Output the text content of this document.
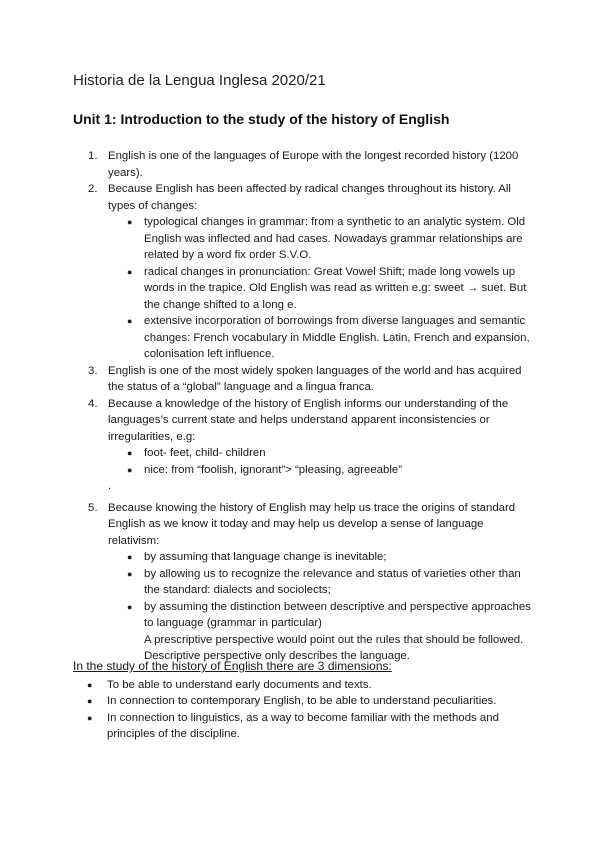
Historia de la Lengua Inglesa 2020/21
Unit 1: Introduction to the study of the history of English
1. English is one of the languages of Europe with the longest recorded history (1200 years).
2. Because English has been affected by radical changes throughout its history. All types of changes:
● typological changes in grammar: from a synthetic to an analytic system. Old English was inflected and had cases. Nowadays grammar relationships are related by a word fix order S.V.O.
● radical changes in pronunciation: Great Vowel Shift; made long vowels up words in the trapice. Old English was read as written e.g: sweet → suet. But the change shifted to a long e.
● extensive incorporation of borrowings from diverse languages and semantic changes: French vocabulary in Middle English. Latin, French and expansion, colonisation left influence.
3. English is one of the most widely spoken languages of the world and has acquired the status of a “global” language and a lingua franca.
4. Because a knowledge of the history of English informs our understanding of the languages’s current state and helps understand apparent inconsistencies or irregularities, e.g:
● foot- feet, child- children
● nice: from “foolish, ignorant”> “pleasing, agreeable”
.
5. Because knowing the history of English may help us trace the origins of standard English as we know it today and may help us develop a sense of language relativism:
● by assuming that language change is inevitable;
● by allowing us to recognize the relevance and status of varieties other than the standard: dialects and sociolects;
● by assuming the distinction between descriptive and perspective approaches to language (grammar in particular)
A prescriptive perspective would point out the rules that should be followed. Descriptive perspective only describes the language.
In the study of the history of English there are 3 dimensions:
● To be able to understand early documents and texts.
● In connection to contemporary English, to be able to understand peculiarities.
● In connection to linguistics, as a way to become familiar with the methods and principles of the discipline.
